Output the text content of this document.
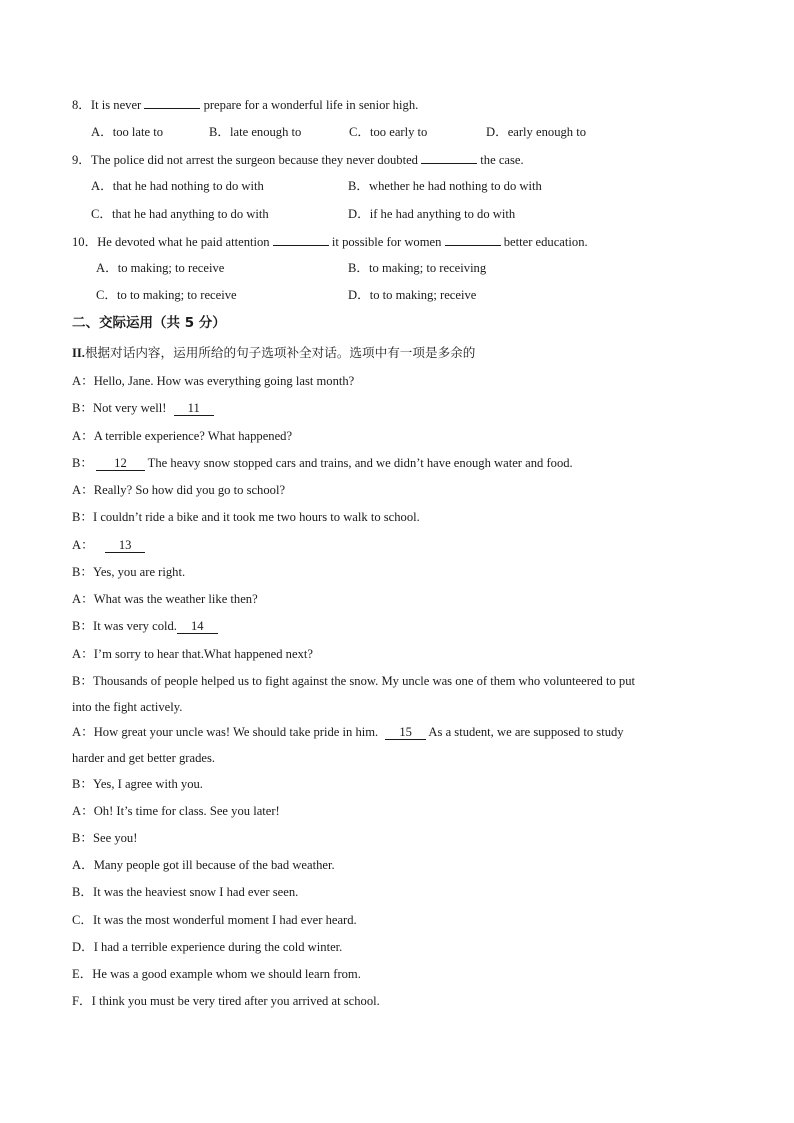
8．It is never	prepare for a wonderful life in senior high.
A．too late to	B．late enough to	C．too early to	D．early enough to
9．The police did not arrest the surgeon because they never doubted	the case.
A．that he had nothing to do with	B．whether he had nothing to do with
C．that he had anything to do with	D．if he had anything to do with
10．He devoted what he paid attention	it possible for women	better education.
A．to making; to receive	B．to making; to receiving
C．to to making; to receive	D．to to making; receive
二、交际运用（共 5 分）
II.根据对话内容，运用所给的句子选项补全对话。选项中有一项是多余的
A：Hello, Jane. How was everything going last month?
B：Not very well! 11
A：A terrible experience? What happened?
B： 12 The heavy snow stopped cars and trains, and we didn’t have enough water and food.
A：Really? So how did you go to school?
B：I couldn’t ride a bike and it took me two hours to walk to school.
A： 13
B：Yes, you are right.
A：What was the weather like then?
B：It was very cold. 14
A：I’m sorry to hear that.What happened next?
B：Thousands of people helped us to fight against the snow. My uncle was one of them who volunteered to put
into the fight actively.
A：How great your uncle was! We should take pride in him. 15 As a student, we are supposed to study
harder and get better grades.
B：Yes, I agree with you.
A：Oh! It’s time for class. See you later!
B：See you!
A．Many people got ill because of the bad weather.
B．It was the heaviest snow I had ever seen.
C．It was the most wonderful moment I had ever heard.
D．I had a terrible experience during the cold winter.
E．He was a good example whom we should learn from.
F．I think you must be very tired after you arrived at school.
